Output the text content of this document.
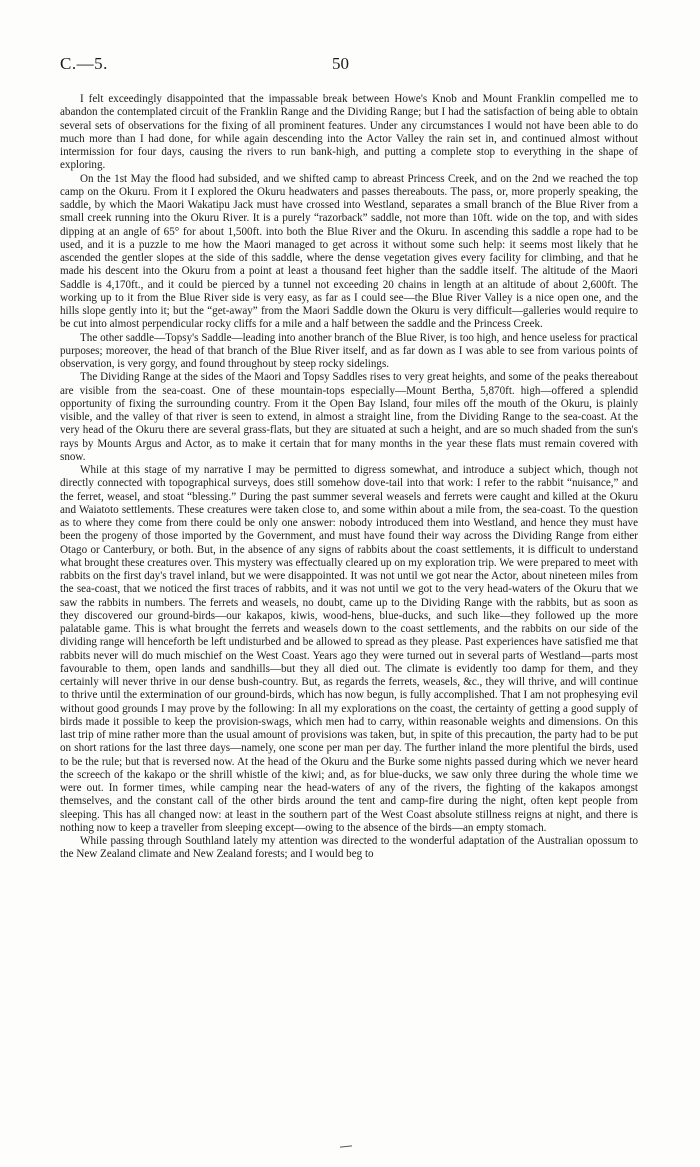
C.—5.	50

I felt exceedingly disappointed that the impassable break between Howe's Knob and Mount Franklin compelled me to abandon the contemplated circuit of the Franklin Range and the Dividing Range; but I had the satisfaction of being able to obtain several sets of observations for the fixing of all prominent features. Under any circumstances I would not have been able to do much more than I had done, for while again descending into the Actor Valley the rain set in, and continued almost without intermission for four days, causing the rivers to run bank-high, and putting a complete stop to everything in the shape of exploring.

On the 1st May the flood had subsided, and we shifted camp to abreast Princess Creek, and on the 2nd we reached the top camp on the Okuru. From it I explored the Okuru headwaters and passes thereabouts. The pass, or, more properly speaking, the saddle, by which the Maori Wakatipu Jack must have crossed into Westland, separates a small branch of the Blue River from a small creek running into the Okuru River. It is a purely “razorback” saddle, not more than 10ft. wide on the top, and with sides dipping at an angle of 65° for about 1,500ft. into both the Blue River and the Okuru. In ascending this saddle a rope had to be used, and it is a puzzle to me how the Maori managed to get across it without some such help: it seems most likely that he ascended the gentler slopes at the side of this saddle, where the dense vegetation gives every facility for climbing, and that he made his descent into the Okuru from a point at least a thousand feet higher than the saddle itself. The altitude of the Maori Saddle is 4,170ft., and it could be pierced by a tunnel not exceeding 20 chains in length at an altitude of about 2,600ft. The working up to it from the Blue River side is very easy, as far as I could see—the Blue River Valley is a nice open one, and the hills slope gently into it; but the “get-away” from the Maori Saddle down the Okuru is very difficult—galleries would require to be cut into almost perpendicular rocky cliffs for a mile and a half between the saddle and the Princess Creek.

The other saddle—Topsy's Saddle—leading into another branch of the Blue River, is too high, and hence useless for practical purposes; moreover, the head of that branch of the Blue River itself, and as far down as I was able to see from various points of observation, is very gorgy, and found throughout by steep rocky sidelings.

The Dividing Range at the sides of the Maori and Topsy Saddles rises to very great heights, and some of the peaks thereabout are visible from the sea-coast. One of these mountain-tops especially—Mount Bertha, 5,870ft. high—offered a splendid opportunity of fixing the surrounding country. From it the Open Bay Island, four miles off the mouth of the Okuru, is plainly visible, and the valley of that river is seen to extend, in almost a straight line, from the Dividing Range to the sea-coast. At the very head of the Okuru there are several grass-flats, but they are situated at such a height, and are so much shaded from the sun's rays by Mounts Argus and Actor, as to make it certain that for many months in the year these flats must remain covered with snow.

While at this stage of my narrative I may be permitted to digress somewhat, and introduce a subject which, though not directly connected with topographical surveys, does still somehow dove-tail into that work: I refer to the rabbit “nuisance,” and the ferret, weasel, and stoat “blessing.” During the past summer several weasels and ferrets were caught and killed at the Okuru and Waiatoto settlements. These creatures were taken close to, and some within about a mile from, the sea-coast. To the question as to where they come from there could be only one answer: nobody introduced them into Westland, and hence they must have been the progeny of those imported by the Government, and must have found their way across the Dividing Range from either Otago or Canterbury, or both. But, in the absence of any signs of rabbits about the coast settlements, it is difficult to understand what brought these creatures over. This mystery was effectually cleared up on my exploration trip. We were prepared to meet with rabbits on the first day's travel inland, but we were disappointed. It was not until we got near the Actor, about nineteen miles from the sea-coast, that we noticed the first traces of rabbits, and it was not until we got to the very head-waters of the Okuru that we saw the rabbits in numbers. The ferrets and weasels, no doubt, came up to the Dividing Range with the rabbits, but as soon as they discovered our ground-birds—our kakapos, kiwis, wood-hens, blue-ducks, and such like—they followed up the more palatable game. This is what brought the ferrets and weasels down to the coast settlements, and the rabbits on our side of the dividing range will henceforth be left undisturbed and be allowed to spread as they please. Past experiences have satisfied me that rabbits never will do much mischief on the West Coast. Years ago they were turned out in several parts of Westland—parts most favourable to them, open lands and sandhills—but they all died out. The climate is evidently too damp for them, and they certainly will never thrive in our dense bush-country. But, as regards the ferrets, weasels, &c., they will thrive, and will continue to thrive until the extermination of our ground-birds, which has now begun, is fully accomplished. That I am not prophesying evil without good grounds I may prove by the following: In all my explorations on the coast, the certainty of getting a good supply of birds made it possible to keep the provision-swags, which men had to carry, within reasonable weights and dimensions. On this last trip of mine rather more than the usual amount of provisions was taken, but, in spite of this precaution, the party had to be put on short rations for the last three days—namely, one scone per man per day. The further inland the more plentiful the birds, used to be the rule; but that is reversed now. At the head of the Okuru and the Burke some nights passed during which we never heard the screech of the kakapo or the shrill whistle of the kiwi; and, as for blue-ducks, we saw only three during the whole time we were out. In former times, while camping near the head-waters of any of the rivers, the fighting of the kakapos amongst themselves, and the constant call of the other birds around the tent and camp-fire during the night, often kept people from sleeping. This has all changed now: at least in the southern part of the West Coast absolute stillness reigns at night, and there is nothing now to keep a traveller from sleeping except—owing to the absence of the birds—an empty stomach.

While passing through Southland lately my attention was directed to the wonderful adaptation of the Australian opossum to the New Zealand climate and New Zealand forests; and I would beg to
